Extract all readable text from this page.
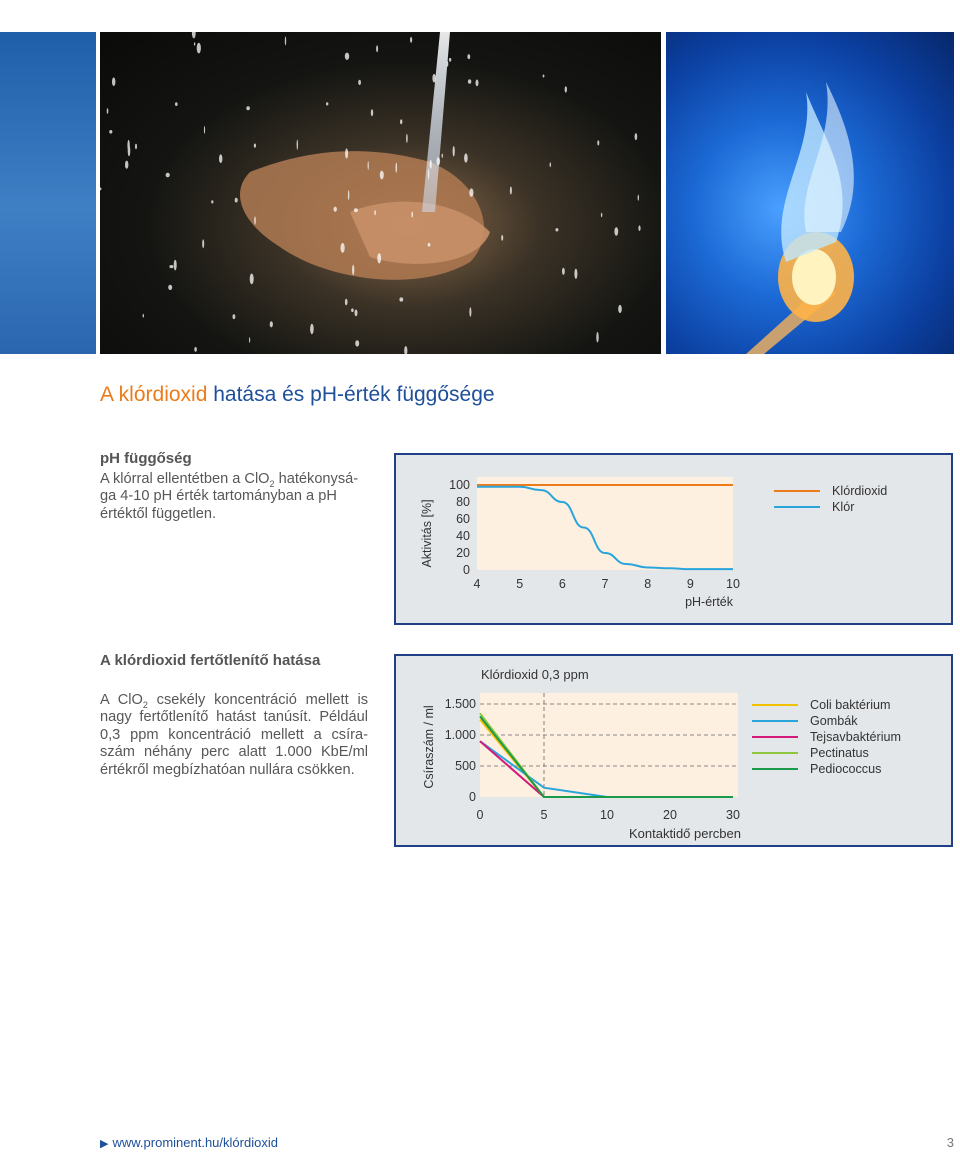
A klórdioxid hatása és pH-érték függősége
pH függőség
A klórral ellentétben a ClO$_2$ hatékonysá-ga 4-10 pH érték tartományban a pH értéktől független.
100
80
60
40
20
0
4	5	6	7	8	9	10
pH-érték
Aktivitás [%]
Klórdioxid
Klór
A klórdioxid fertőtlenítő hatása
A ClO$_2$ csekély koncentráció mellett is nagy fertőtlenítő hatást tanúsít. Például 0,3 ppm koncentráció mellett a csíra-szám néhány perc alatt 1.000 KbE/ml értékről megbízhatóan nullára csökken.
Klórdioxid 0,3 ppm
1.500
1.000
500
0
0	5	10	20	30
Kontaktidő percben
Csíraszám / ml
Coli baktérium
Gombák
Tejsavbaktérium
Pectinatus
Pediococcus
▶ www.prominent.hu/klórdioxid	3
